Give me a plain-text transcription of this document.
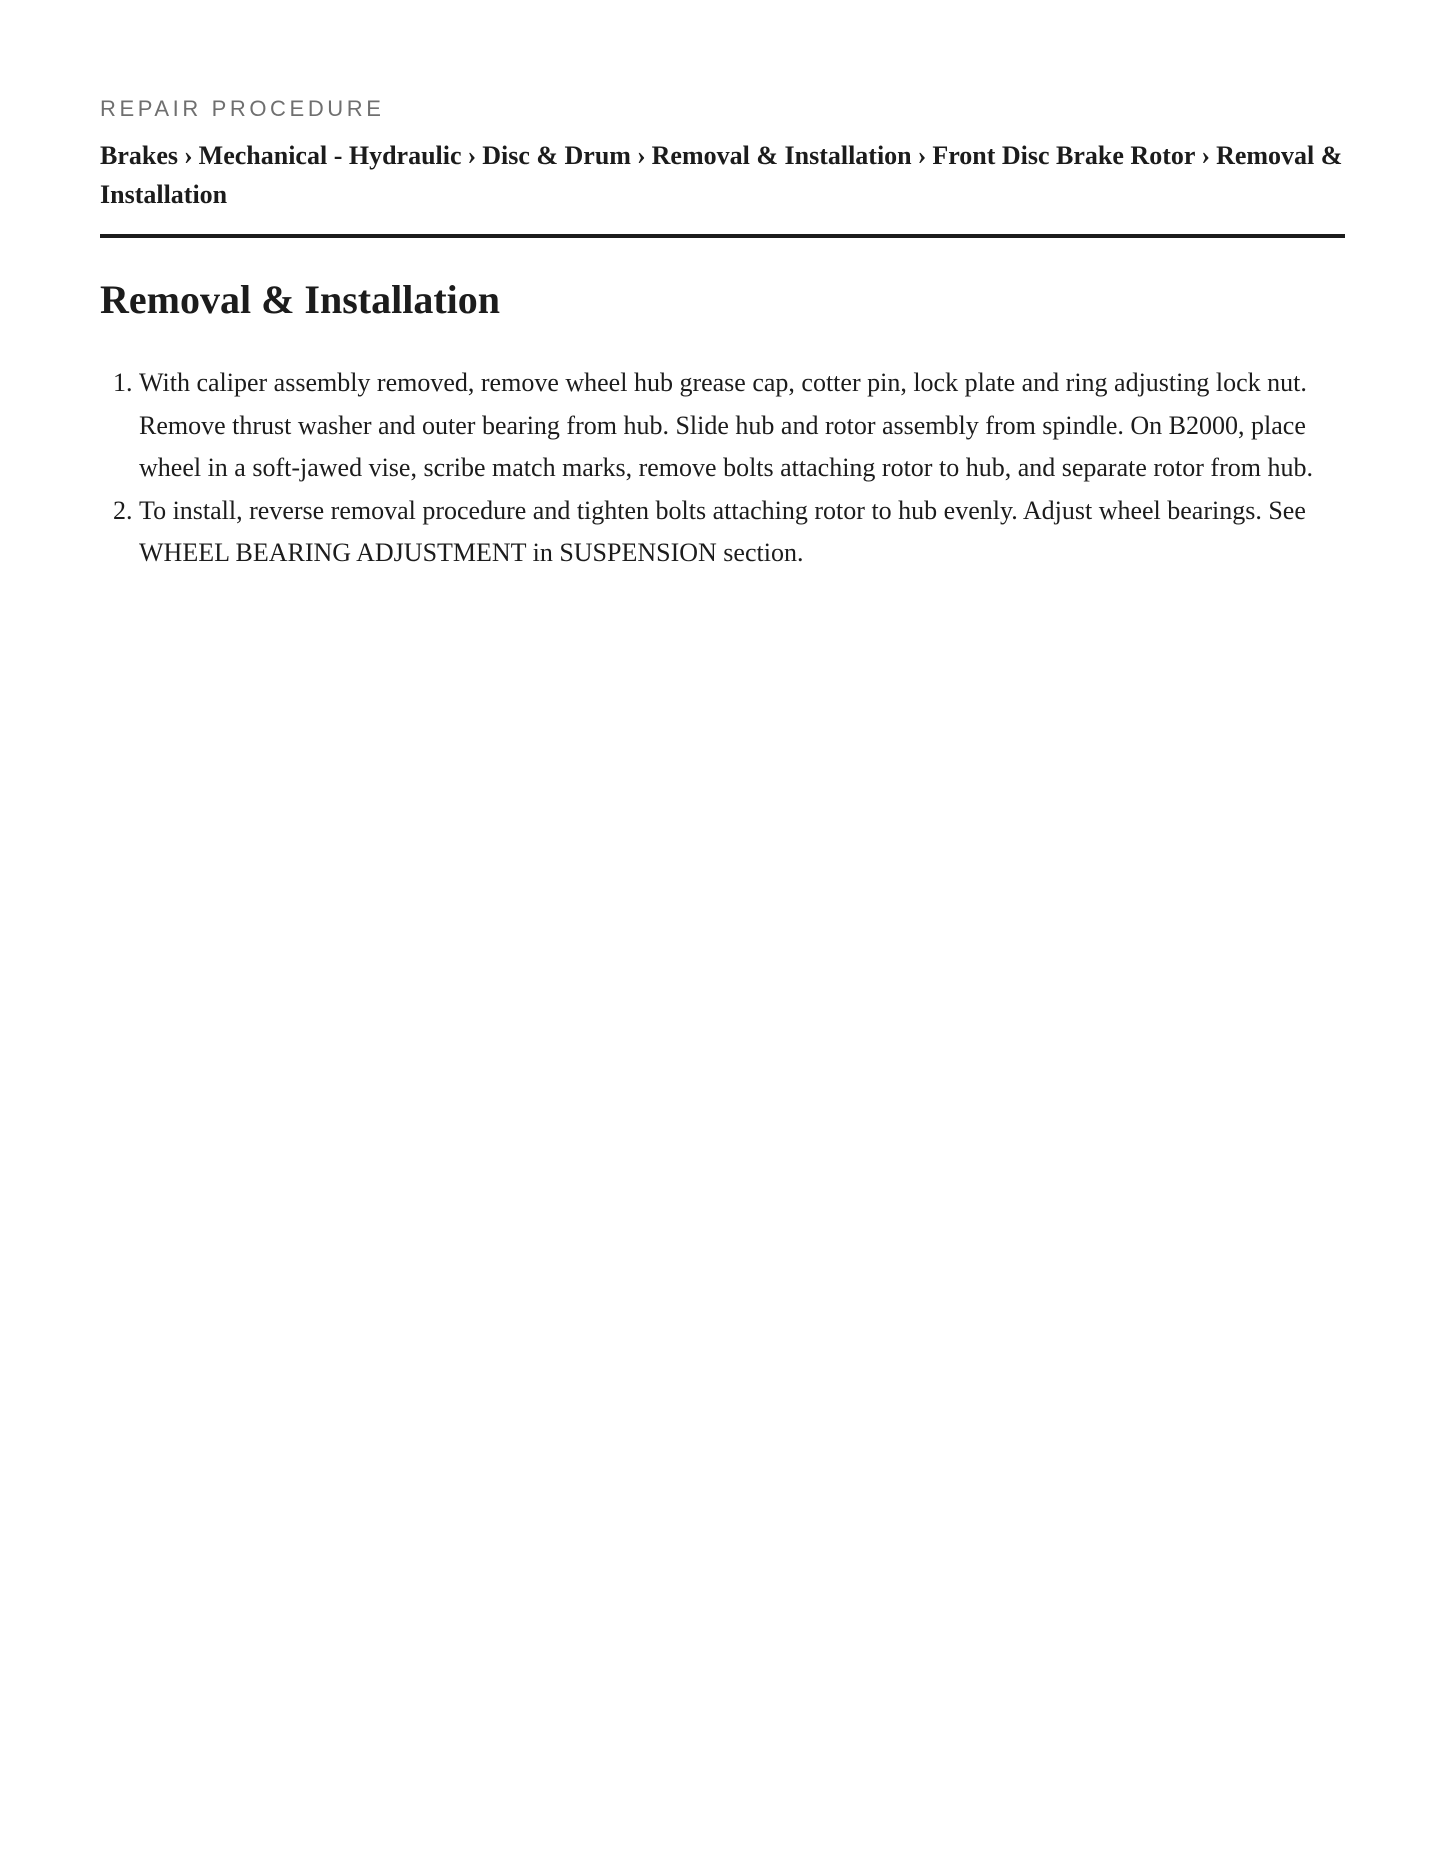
REPAIR PROCEDURE
Brakes › Mechanical - Hydraulic › Disc & Drum › Removal & Installation › Front Disc Brake Rotor › Removal & Installation
Removal & Installation
1. With caliper assembly removed, remove wheel hub grease cap, cotter pin, lock plate and ring adjusting lock nut. Remove thrust washer and outer bearing from hub. Slide hub and rotor assembly from spindle. On B2000, place wheel in a soft-jawed vise, scribe match marks, remove bolts attaching rotor to hub, and separate rotor from hub.
2. To install, reverse removal procedure and tighten bolts attaching rotor to hub evenly. Adjust wheel bearings. See WHEEL BEARING ADJUSTMENT in SUSPENSION section.
